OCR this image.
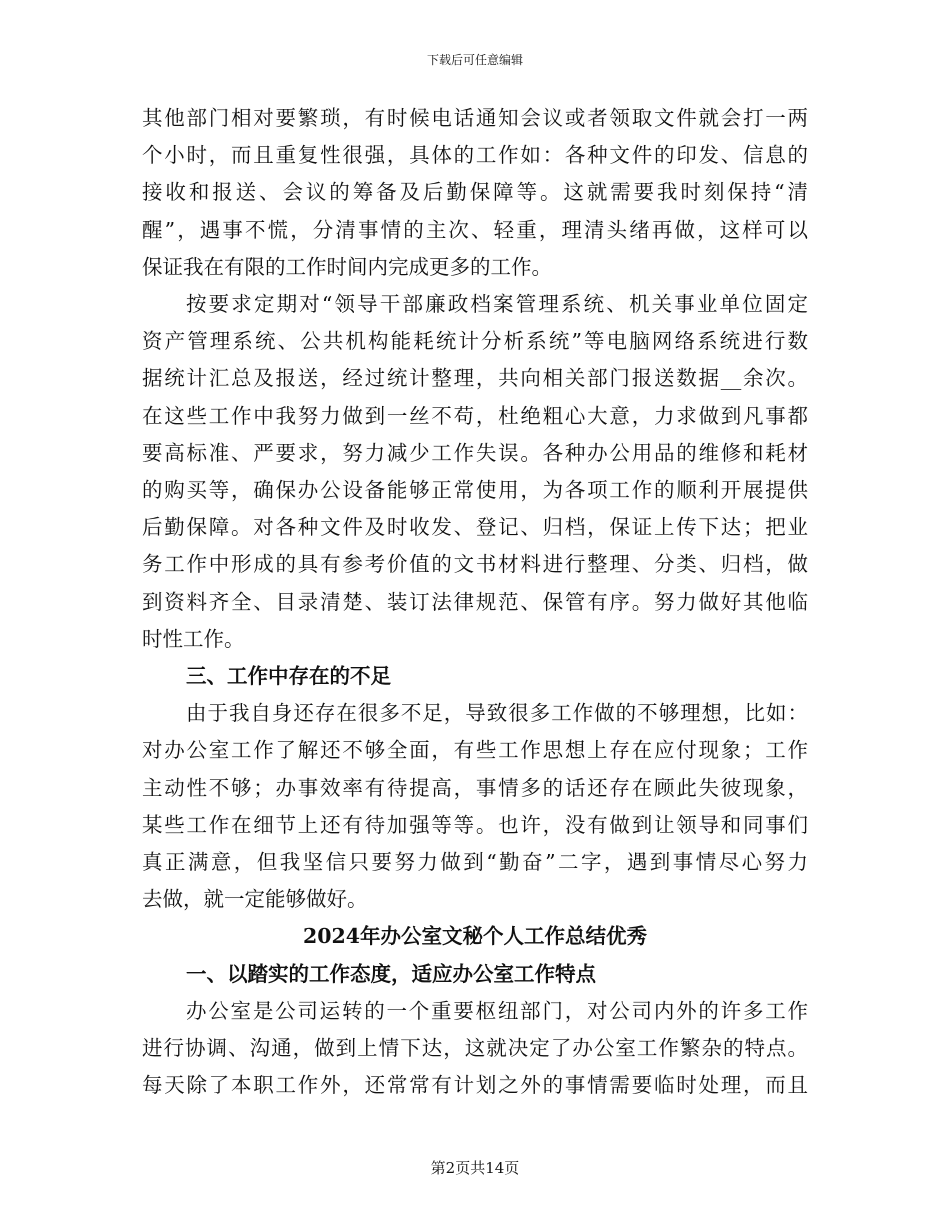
下载后可任意编辑

其他部门相对要繁琐，有时候电话通知会议或者领取文件就会打一两
个小时，而且重复性很强，具体的工作如：各种文件的印发、信息的
接收和报送、会议的筹备及后勤保障等。这就需要我时刻保持“清
醒”，遇事不慌，分清事情的主次、轻重，理清头绪再做，这样可以
保证我在有限的工作时间内完成更多的工作。

按要求定期对“领导干部廉政档案管理系统、机关事业单位固定
资产管理系统、公共机构能耗统计分析系统”等电脑网络系统进行数
据统计汇总及报送，经过统计整理，共向相关部门报送数据__余次。
在这些工作中我努力做到一丝不苟，杜绝粗心大意，力求做到凡事都
要高标准、严要求，努力减少工作失误。各种办公用品的维修和耗材
的购买等，确保办公设备能够正常使用，为各项工作的顺利开展提供
后勤保障。对各种文件及时收发、登记、归档，保证上传下达；把业
务工作中形成的具有参考价值的文书材料进行整理、分类、归档，做
到资料齐全、目录清楚、装订法律规范、保管有序。努力做好其他临
时性工作。

三、工作中存在的不足

由于我自身还存在很多不足，导致很多工作做的不够理想，比如：
对办公室工作了解还不够全面，有些工作思想上存在应付现象；工作
主动性不够；办事效率有待提高，事情多的话还存在顾此失彼现象，
某些工作在细节上还有待加强等等。也许，没有做到让领导和同事们
真正满意，但我坚信只要努力做到“勤奋”二字，遇到事情尽心努力
去做，就一定能够做好。

2024年办公室文秘个人工作总结优秀

一、以踏实的工作态度，适应办公室工作特点

办公室是公司运转的一个重要枢纽部门，对公司内外的许多工作
进行协调、沟通，做到上情下达，这就决定了办公室工作繁杂的特点。
每天除了本职工作外，还常常有计划之外的事情需要临时处理，而且

第2页共14页
